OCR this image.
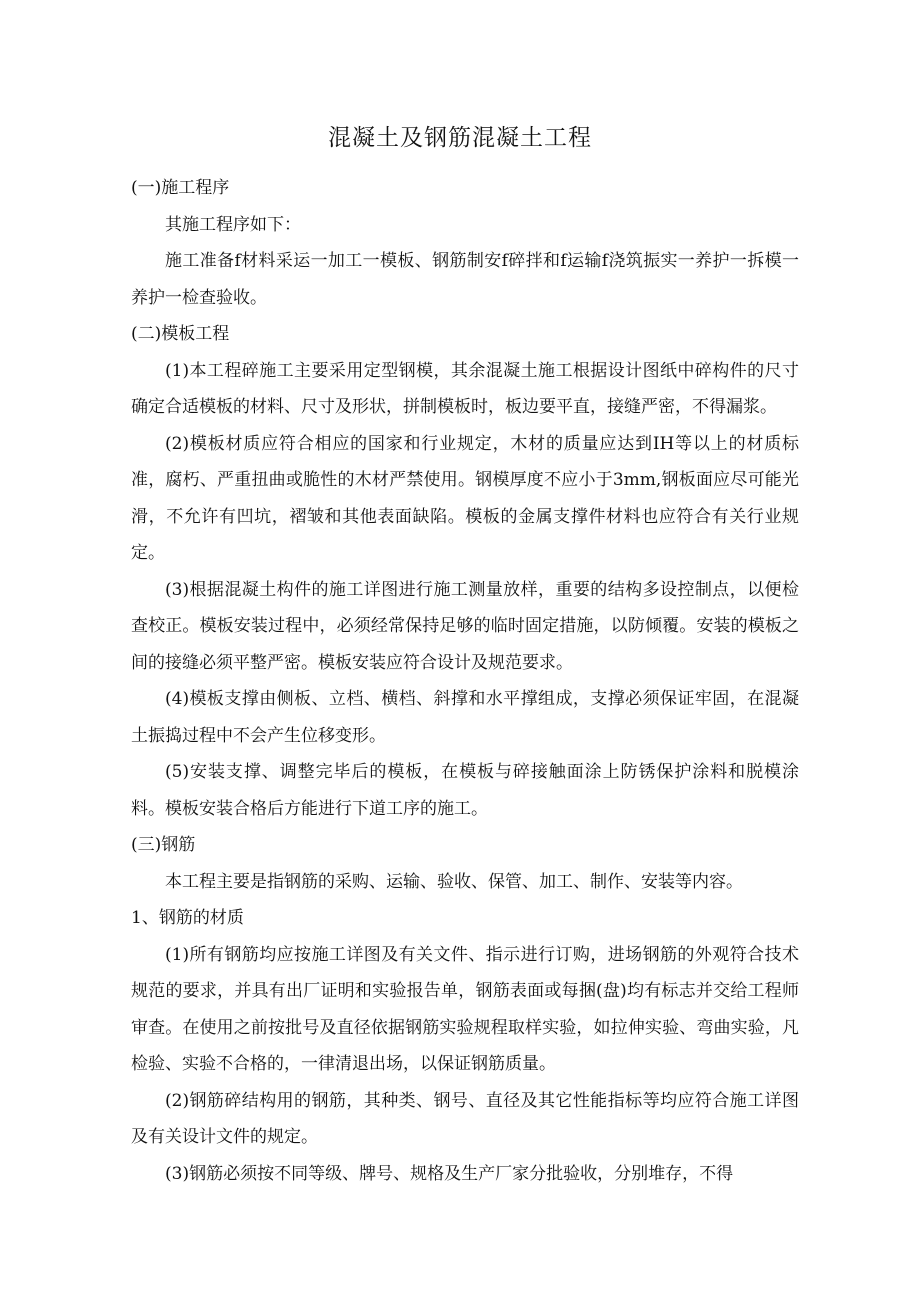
混凝土及钢筋混凝土工程

(一)施工程序

其施工程序如下：

施工准备f材料采运一加工一模板、钢筋制安f碎拌和f运输f浇筑振实一养护一拆模一养护一检查验收。

(二)模板工程

(1)本工程碎施工主要采用定型钢模，其余混凝土施工根据设计图纸中碎构件的尺寸确定合适模板的材料、尺寸及形状，拼制模板时，板边要平直，接缝严密，不得漏浆。

(2)模板材质应符合相应的国家和行业规定，木材的质量应达到IH等以上的材质标准，腐朽、严重扭曲或脆性的木材严禁使用。钢模厚度不应小于3mm,钢板面应尽可能光滑，不允许有凹坑，褶皱和其他表面缺陷。模板的金属支撑件材料也应符合有关行业规定。

(3)根据混凝土构件的施工详图进行施工测量放样，重要的结构多设控制点，以便检查校正。模板安装过程中，必须经常保持足够的临时固定措施，以防倾覆。安装的模板之间的接缝必须平整严密。模板安装应符合设计及规范要求。

(4)模板支撑由侧板、立档、横档、斜撑和水平撑组成，支撑必须保证牢固，在混凝土振捣过程中不会产生位移变形。

(5)安装支撑、调整完毕后的模板，在模板与碎接触面涂上防锈保护涂料和脱模涂料。模板安装合格后方能进行下道工序的施工。

(三)钢筋

本工程主要是指钢筋的采购、运输、验收、保管、加工、制作、安装等内容。

1、钢筋的材质

(1)所有钢筋均应按施工详图及有关文件、指示进行订购，进场钢筋的外观符合技术规范的要求，并具有出厂证明和实验报告单，钢筋表面或每捆(盘)均有标志并交给工程师审查。在使用之前按批号及直径依据钢筋实验规程取样实验，如拉伸实验、弯曲实验，凡检验、实验不合格的，一律清退出场，以保证钢筋质量。

(2)钢筋碎结构用的钢筋，其种类、钢号、直径及其它性能指标等均应符合施工详图及有关设计文件的规定。

(3)钢筋必须按不同等级、牌号、规格及生产厂家分批验收，分别堆存，不得
